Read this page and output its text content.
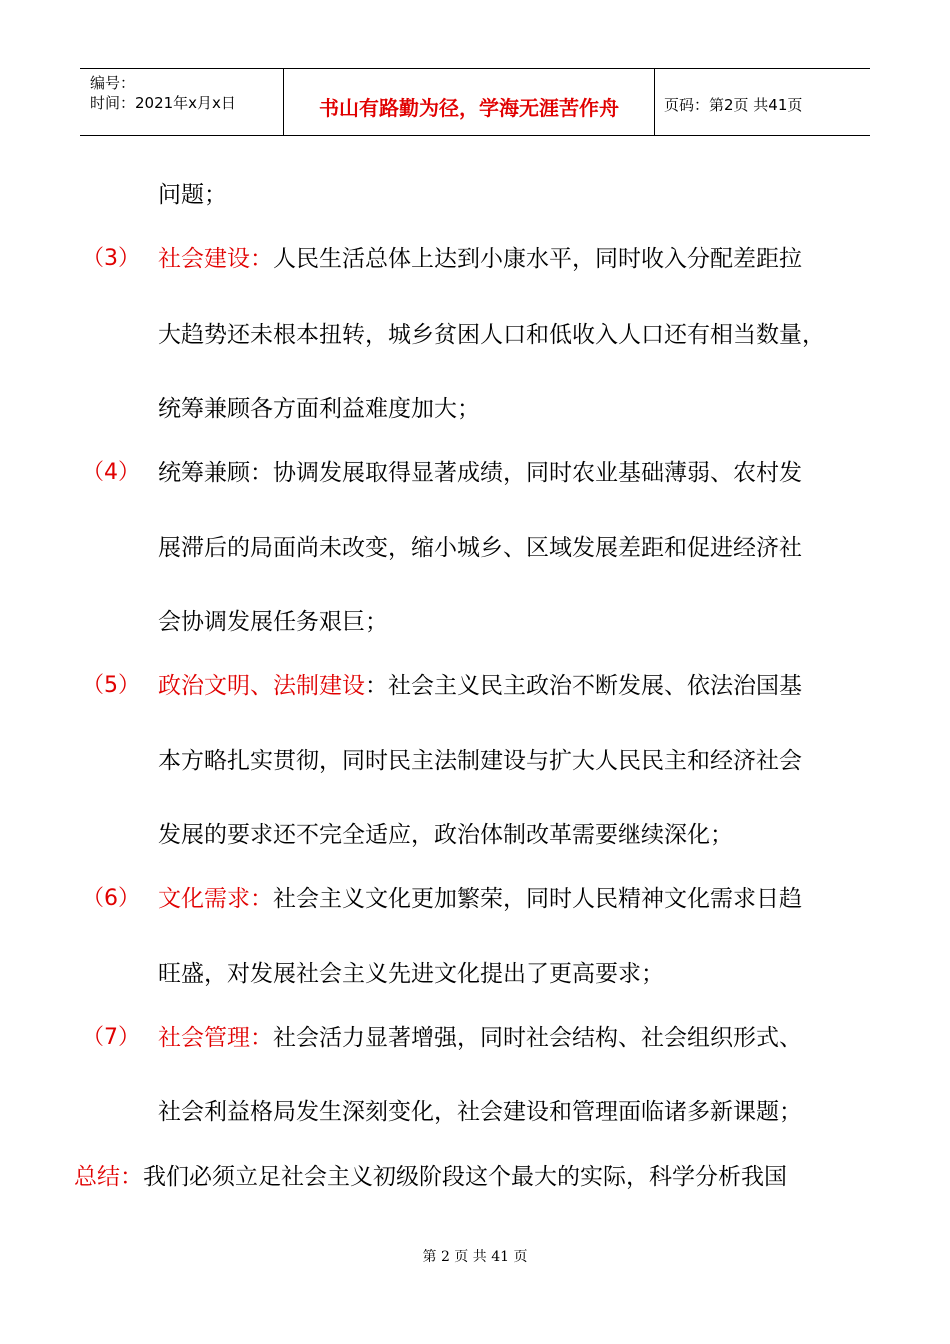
编号：
时间：2021年x月x日	书山有路勤为径，学海无涯苦作舟	页码：第2页 共41页
问题；
（3） 社会建设：人民生活总体上达到小康水平，同时收入分配差距拉
大趋势还未根本扭转，城乡贫困人口和低收入人口还有相当数量，
统筹兼顾各方面利益难度加大；
（4） 统筹兼顾：协调发展取得显著成绩，同时农业基础薄弱、农村发
展滞后的局面尚未改变，缩小城乡、区域发展差距和促进经济社
会协调发展任务艰巨；
（5） 政治文明、法制建设：社会主义民主政治不断发展、依法治国基
本方略扎实贯彻，同时民主法制建设与扩大人民民主和经济社会
发展的要求还不完全适应，政治体制改革需要继续深化；
（6） 文化需求：社会主义文化更加繁荣，同时人民精神文化需求日趋
旺盛，对发展社会主义先进文化提出了更高要求；
（7） 社会管理：社会活力显著增强，同时社会结构、社会组织形式、
社会利益格局发生深刻变化，社会建设和管理面临诸多新课题；
总结：我们必须立足社会主义初级阶段这个最大的实际，科学分析我国
第 2 页 共 41 页
